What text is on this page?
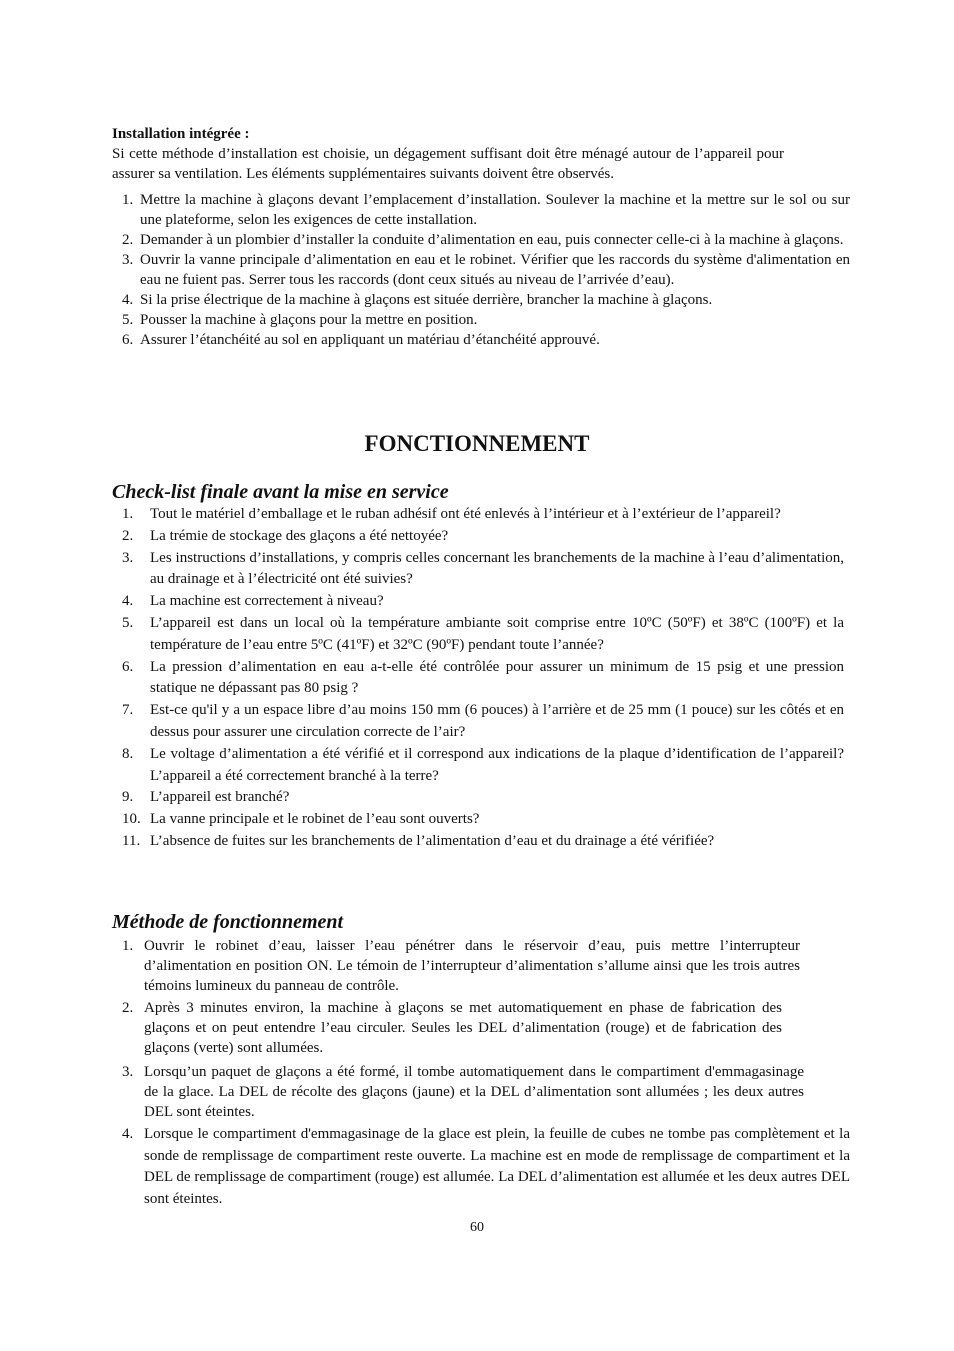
Installation intégrée :

Si cette méthode d’installation est choisie, un dégagement suffisant doit être ménagé autour de l’appareil pour assurer sa ventilation. Les éléments supplémentaires suivants doivent être observés.

1. Mettre la machine à glaçons devant l’emplacement d’installation. Soulever la machine et la mettre sur le sol ou sur une plateforme, selon les exigences de cette installation.
2. Demander à un plombier d’installer la conduite d’alimentation en eau, puis connecter celle-ci à la machine à glaçons.
3. Ouvrir la vanne principale d’alimentation en eau et le robinet. Vérifier que les raccords du système d'alimentation en eau ne fuient pas. Serrer tous les raccords (dont ceux situés au niveau de l’arrivée d’eau).
4. Si la prise électrique de la machine à glaçons est située derrière, brancher la machine à glaçons.
5. Pousser la machine à glaçons pour la mettre en position.
6. Assurer l’étanchéité au sol en appliquant un matériau d’étanchéité approuvé.
FONCTIONNEMENT
Check-list finale avant la mise en service
1. Tout le matériel d’emballage et le ruban adhésif ont été enlevés à l’intérieur et à l’extérieur de l’appareil?
2. La trémie de stockage des glaçons a été nettoyée?
3. Les instructions d’installations, y compris celles concernant les branchements de la machine à l’eau d’alimentation, au drainage et à l’électricité ont été suivies?
4. La machine est correctement à niveau?
5. L’appareil est dans un local où la température ambiante soit comprise entre 10ºC (50ºF) et 38ºC (100ºF) et la température de l’eau entre 5ºC (41ºF) et 32ºC (90ºF) pendant toute l’année?
6. La pression d’alimentation en eau a-t-elle été contrôlée pour assurer un minimum de 15 psig et une pression statique ne dépassant pas 80 psig ?
7. Est-ce qu'il y a un espace libre d’au moins 150 mm (6 pouces) à l’arrière et de 25 mm (1 pouce) sur les côtés et en dessus pour assurer une circulation correcte de l’air?
8. Le voltage d’alimentation a été vérifié et il correspond aux indications de la plaque d’identification de l’appareil? L’appareil a été correctement branché à la terre?
9. L’appareil est branché?
10. La vanne principale et le robinet de l’eau sont ouverts?
11. L’absence de fuites sur les branchements de l’alimentation d’eau et du drainage a été vérifiée?
Méthode de fonctionnement
1. Ouvrir le robinet d’eau, laisser l’eau pénétrer dans le réservoir d’eau, puis mettre l’interrupteur d’alimentation en position ON. Le témoin de l’interrupteur d’alimentation s’allume ainsi que les trois autres témoins lumineux du panneau de contrôle.
2. Après 3 minutes environ, la machine à glaçons se met automatiquement en phase de fabrication des glaçons et on peut entendre l’eau circuler. Seules les DEL d’alimentation (rouge) et de fabrication des glaçons (verte) sont allumées.
3. Lorsqu’un paquet de glaçons a été formé, il tombe automatiquement dans le compartiment d'emmagasinage de la glace. La DEL de récolte des glaçons (jaune) et la DEL d’alimentation sont allumées ; les deux autres DEL sont éteintes.
4. Lorsque le compartiment d'emmagasinage de la glace est plein, la feuille de cubes ne tombe pas complètement et la sonde de remplissage de compartiment reste ouverte. La machine est en mode de remplissage de compartiment et la DEL de remplissage de compartiment (rouge) est allumée. La DEL d’alimentation est allumée et les deux autres DEL sont éteintes.
60
